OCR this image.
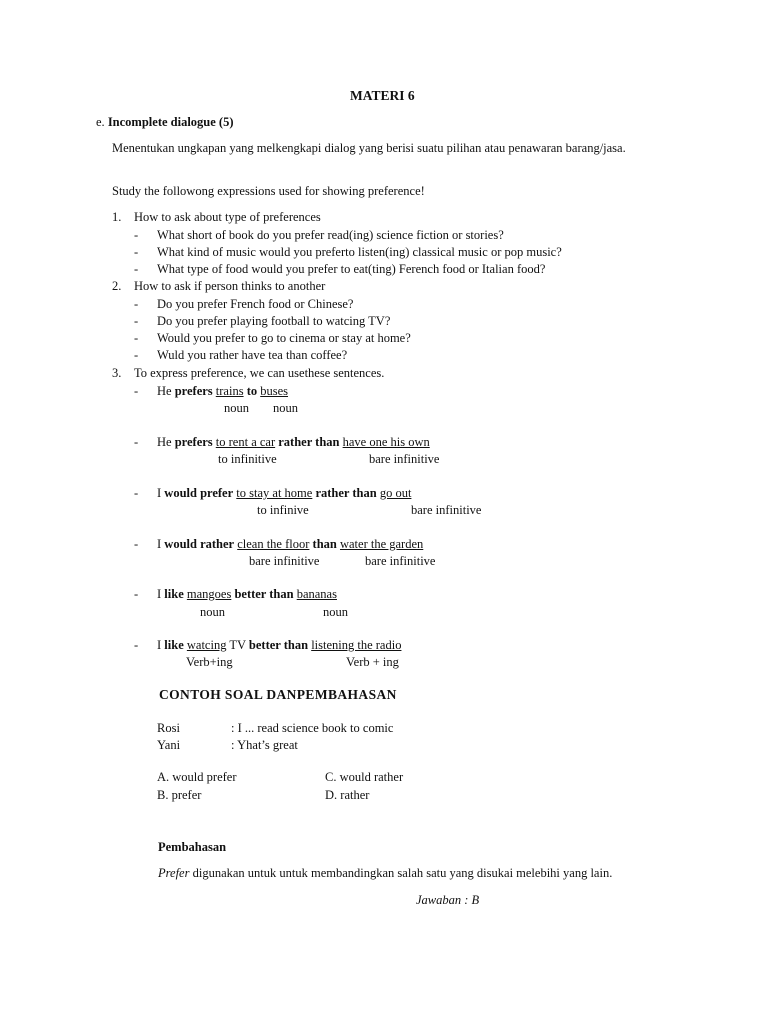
MATERI 6
e. Incomplete dialogue (5)
Menentukan ungkapan yang melkengkapi dialog yang berisi suatu pilihan atau penawaran barang/jasa.
Study the followong expressions used for showing preference!
1. How to ask about type of preferences
- What short of book do you prefer read(ing) science fiction or stories?
- What kind of music would you preferto listen(ing) classical music or pop music?
- What type of food would you prefer to eat(ting) Ferench food or Italian food?
2. How to ask if person thinks to another
- Do you prefer French food or Chinese?
- Do you prefer playing football to watcing TV?
- Would you prefer to go to cinema or stay at home?
- Wuld you rather have tea than coffee?
3. To express preference, we can usethese sentences.
- He prefers trains to buses
noun noun
- He prefers to rent a car rather than have one his own
to infinitive	bare infinitive
- I would prefer to stay at home rather than go out
to infinive	bare infinitive
- I would rather clean the floor than water the garden
bare infinitive	bare infinitive
- I like mangoes better than bananas
noun	noun
- I like watcing TV better than listening the radio
Verb+ing	Verb + ing
CONTOH SOAL DANPEMBAHASAN
Rosi	: I ... read science book to comic
Yani	: Yhat’s great
A. would prefer	C. would rather
B. prefer	D. rather
Pembahasan
Prefer digunakan untuk untuk membandingkan salah satu yang disukai melebihi yang lain.
Jawaban : B
